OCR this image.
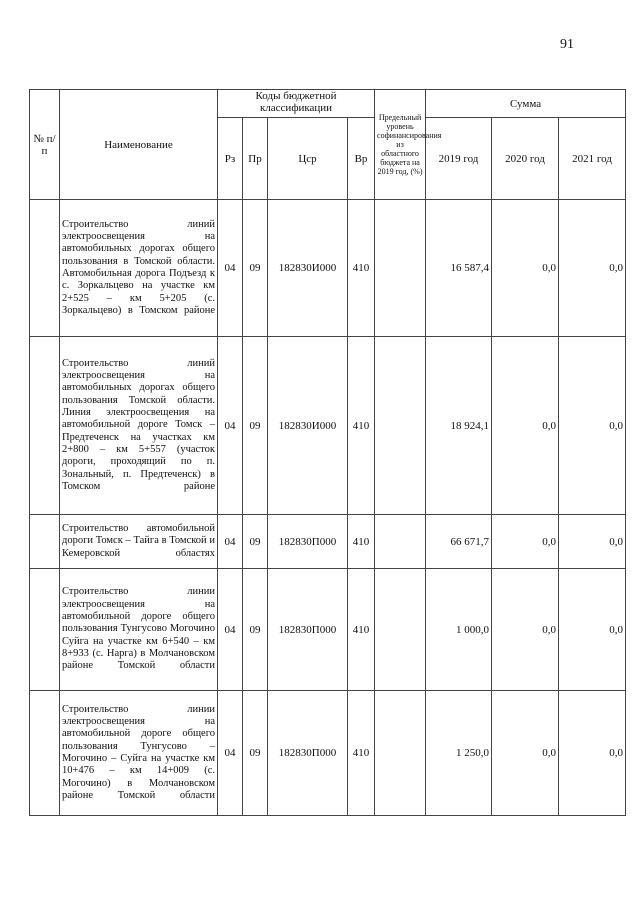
91
№ п/п	Наименование	Коды бюджетной классификации				Предельный уровень софинансирования из областного бюджета на 2019 год, (%)	Сумма		
		Рз	Пр	Цср	Вр		2019 год	2020 год	2021 год
	Строительство линий электроосвещения на автомобильных дорогах общего пользования в Томской области. Автомобильная дорога Подъезд к с. Зоркальцево на участке км 2+525 – км 5+205 (с. Зоркальцево) в Томском районе	04	09	182830И000	410		16 587,4	0,0	0,0
	Строительство линий электроосвещения на автомобильных дорогах общего пользования Томской области. Линия электроосвещения на автомобильной дороге Томск – Предтеченск на участках км 2+800 – км 5+557 (участок дороги, проходящий по п. Зональный, п. Предтеченск) в Томском районе	04	09	182830И000	410		18 924,1	0,0	0,0
	Строительство автомобильной дороги Томск – Тайга в Томской и Кемеровской областях	04	09	182830П000	410		66 671,7	0,0	0,0
	Строительство линии электроосвещения на автомобильной дороге общего пользования Тунгусово Могочино Суйга на участке км 6+540 – км 8+933 (с. Нарга) в Молчановском районе Томской области	04	09	182830П000	410		1 000,0	0,0	0,0
	Строительство линии электроосвещения на автомобильной дороге общего пользования Тунгусово – Могочино – Суйга на участке км 10+476 – км 14+009 (с. Могочино) в Молчановском районе Томской области	04	09	182830П000	410		1 250,0	0,0	0,0
